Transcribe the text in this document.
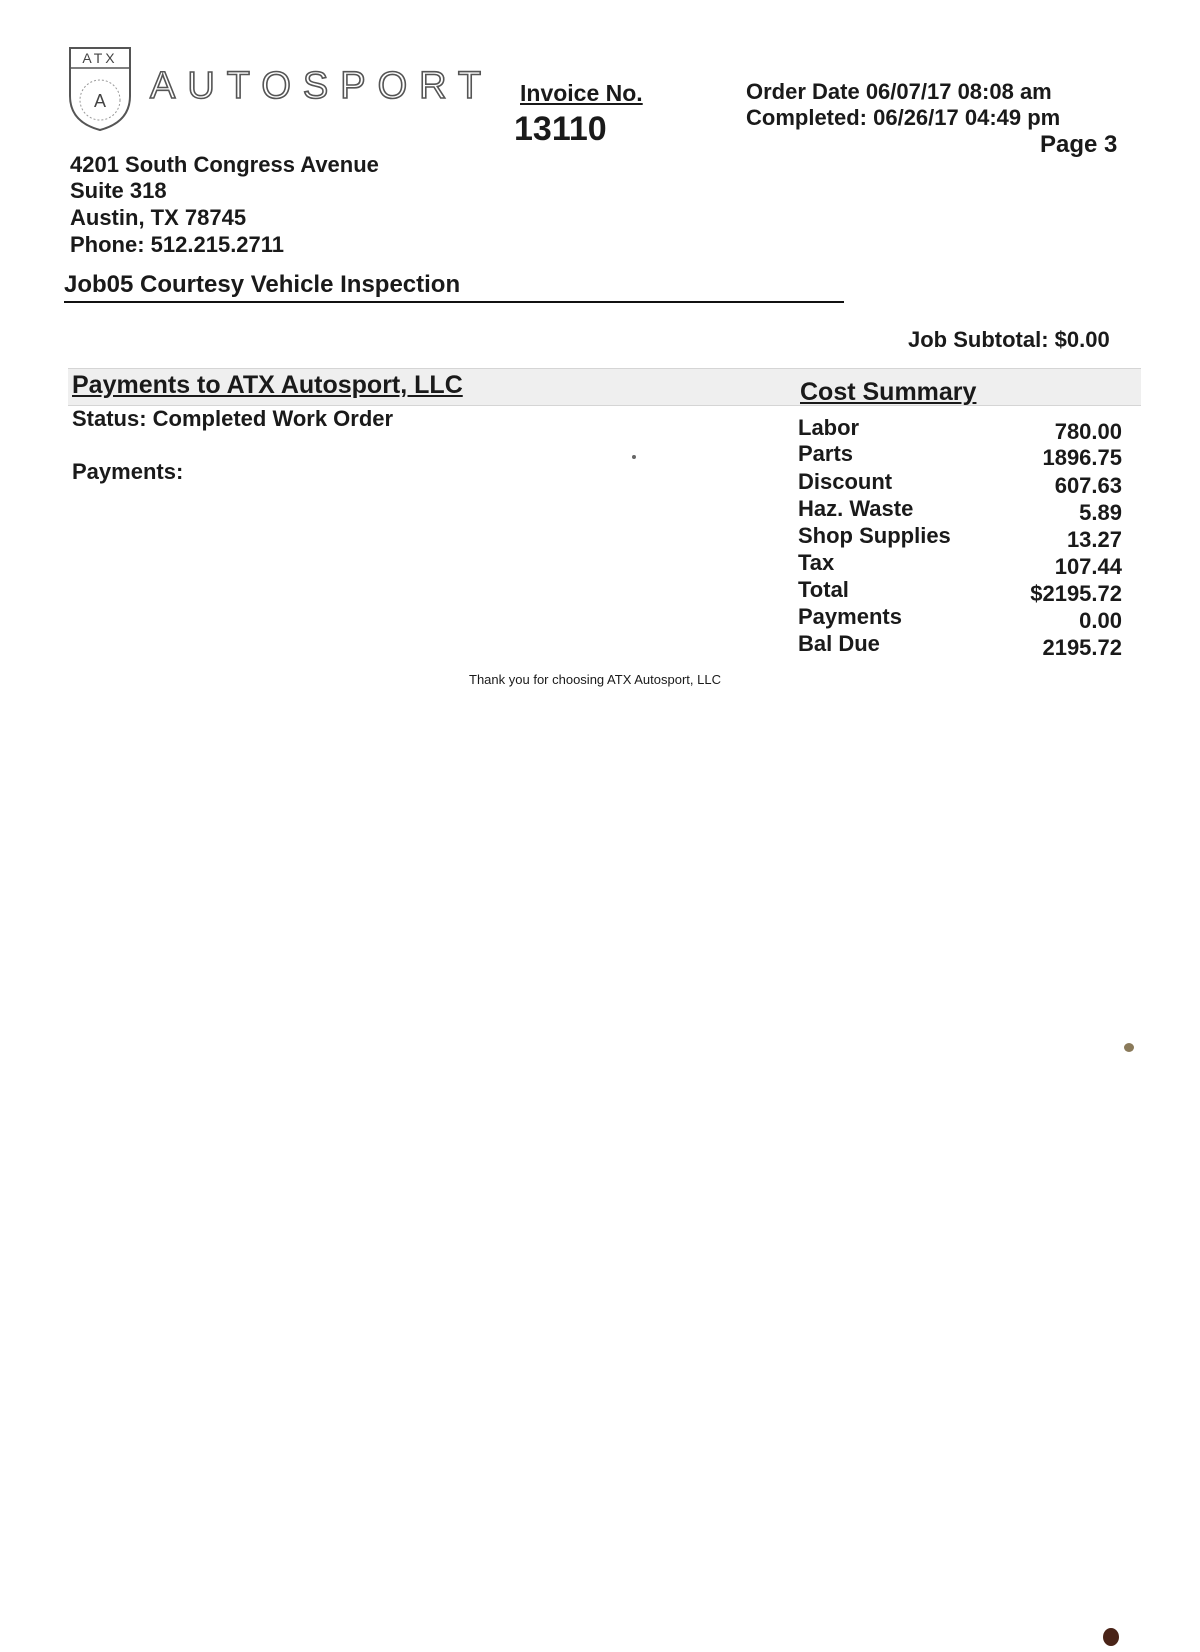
ATX
A AUTOSPORT Invoice No.
13110
Order Date 06/07/17 08:08 am
Completed: 06/26/17 04:49 pm
Page 3
4201 South Congress Avenue
Suite 318
Austin, TX 78745
Phone: 512.215.2711
Job05 Courtesy Vehicle Inspection
Job Subtotal: $0.00
Payments to ATX Autosport, LLC	Cost Summary
Status: Completed Work Order
Payments:
Labor	780.00
Parts	1896.75
Discount	607.63
Haz. Waste	5.89
Shop Supplies	13.27
Tax	107.44
Total	$2195.72
Payments	0.00
Bal Due	2195.72
Thank you for choosing ATX Autosport, LLC
